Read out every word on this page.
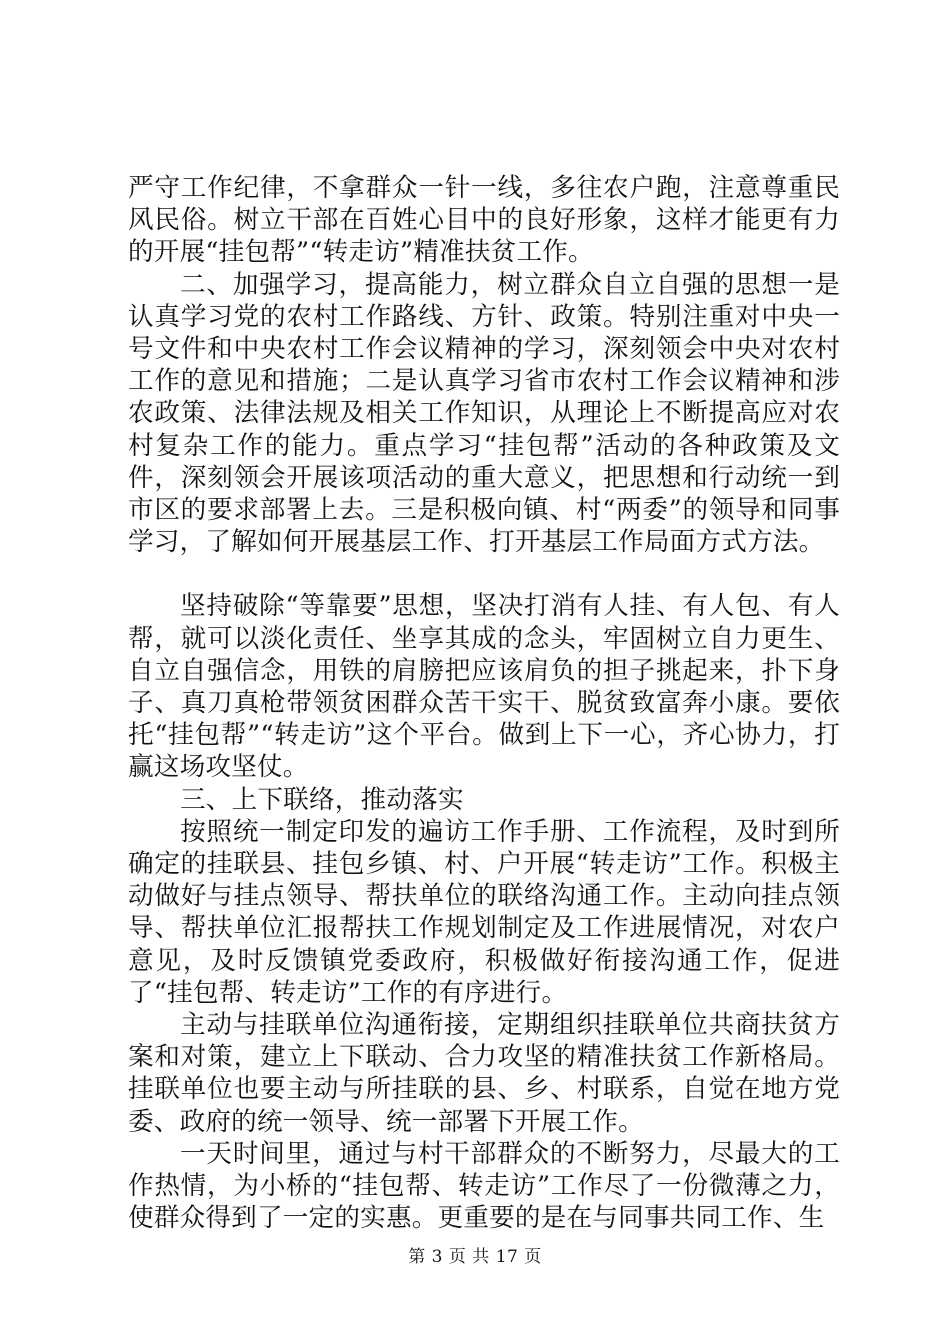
严守工作纪律，不拿群众一针一线，多往农户跑，注意尊重民风民俗。树立干部在百姓心目中的良好形象，这样才能更有力的开展“挂包帮”“转走访”精准扶贫工作。

二、加强学习，提高能力，树立群众自立自强的思想一是认真学习党的农村工作路线、方针、政策。特别注重对中央一号文件和中央农村工作会议精神的学习，深刻领会中央对农村工作的意见和措施；二是认真学习省市农村工作会议精神和涉农政策、法律法规及相关工作知识，从理论上不断提高应对农村复杂工作的能力。重点学习“挂包帮”活动的各种政策及文件，深刻领会开展该项活动的重大意义，把思想和行动统一到市区的要求部署上去。三是积极向镇、村“两委”的领导和同事学习，了解如何开展基层工作、打开基层工作局面方式方法。

坚持破除“等靠要”思想，坚决打消有人挂、有人包、有人帮，就可以淡化责任、坐享其成的念头，牢固树立自力更生、自立自强信念，用铁的肩膀把应该肩负的担子挑起来，扑下身子、真刀真枪带领贫困群众苦干实干、脱贫致富奔小康。要依托“挂包帮”“转走访”这个平台。做到上下一心，齐心协力，打赢这场攻坚仗。

三、上下联络，推动落实

按照统一制定印发的遍访工作手册、工作流程，及时到所确定的挂联县、挂包乡镇、村、户开展“转走访”工作。积极主动做好与挂点领导、帮扶单位的联络沟通工作。主动向挂点领导、帮扶单位汇报帮扶工作规划制定及工作进展情况，对农户意见，及时反馈镇党委政府，积极做好衔接沟通工作，促进了“挂包帮、转走访”工作的有序进行。

主动与挂联单位沟通衔接，定期组织挂联单位共商扶贫方案和对策，建立上下联动、合力攻坚的精准扶贫工作新格局。挂联单位也要主动与所挂联的县、乡、村联系，自觉在地方党委、政府的统一领导、统一部署下开展工作。

一天时间里，通过与村干部群众的不断努力，尽最大的工作热情，为小桥的“挂包帮、转走访”工作尽了一份微薄之力，使群众得到了一定的实惠。更重要的是在与同事共同工作、生

第 3 页 共 17 页
